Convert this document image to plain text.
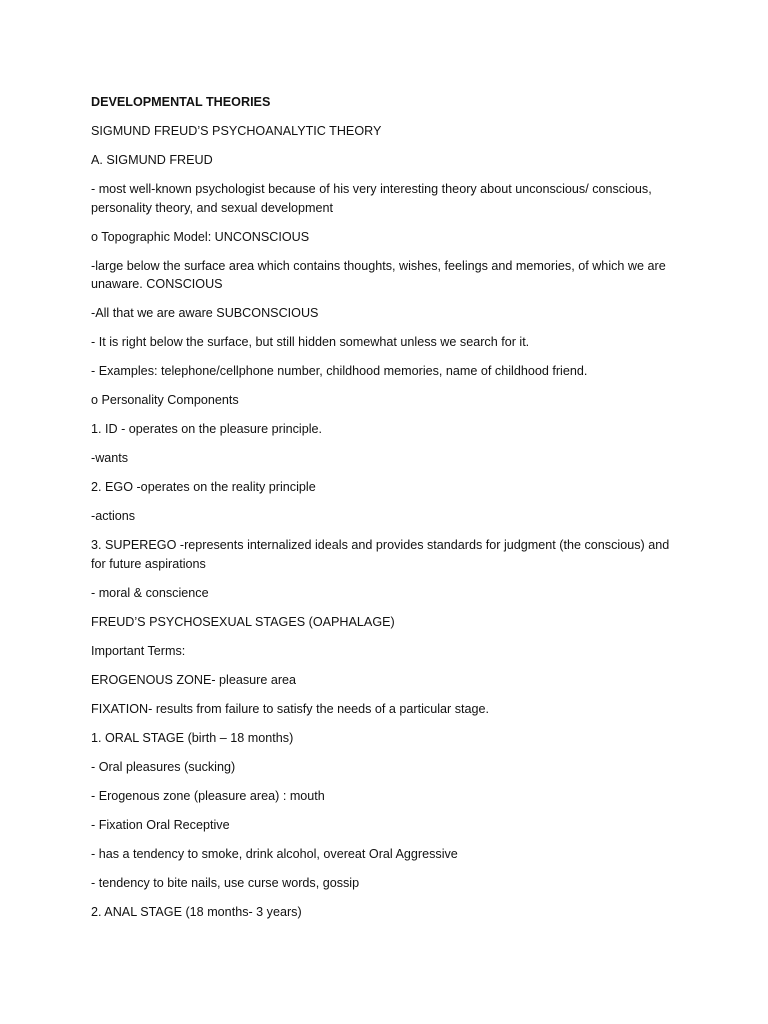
DEVELOPMENTAL THEORIES

SIGMUND FREUD’S PSYCHOANALYTIC THEORY

A. SIGMUND FREUD

- most well-known psychologist because of his very interesting theory about unconscious/ conscious, personality theory, and sexual development

o Topographic Model: UNCONSCIOUS

-large below the surface area which contains thoughts, wishes, feelings and memories, of which we are unaware. CONSCIOUS

-All that we are aware SUBCONSCIOUS

- It is right below the surface, but still hidden somewhat unless we search for it.

- Examples: telephone/cellphone number, childhood memories, name of childhood friend.

o Personality Components

1. ID - operates on the pleasure principle.

-wants

2. EGO -operates on the reality principle

-actions

3. SUPEREGO -represents internalized ideals and provides standards for judgment (the conscious) and for future aspirations

- moral & conscience

FREUD’S PSYCHOSEXUAL STAGES (OAPHALAGE)

Important Terms:

EROGENOUS ZONE- pleasure area

FIXATION- results from failure to satisfy the needs of a particular stage.

1. ORAL STAGE (birth – 18 months)

- Oral pleasures (sucking)

- Erogenous zone (pleasure area) : mouth

- Fixation Oral Receptive

- has a tendency to smoke, drink alcohol, overeat Oral Aggressive

- tendency to bite nails, use curse words, gossip

2. ANAL STAGE (18 months- 3 years)
